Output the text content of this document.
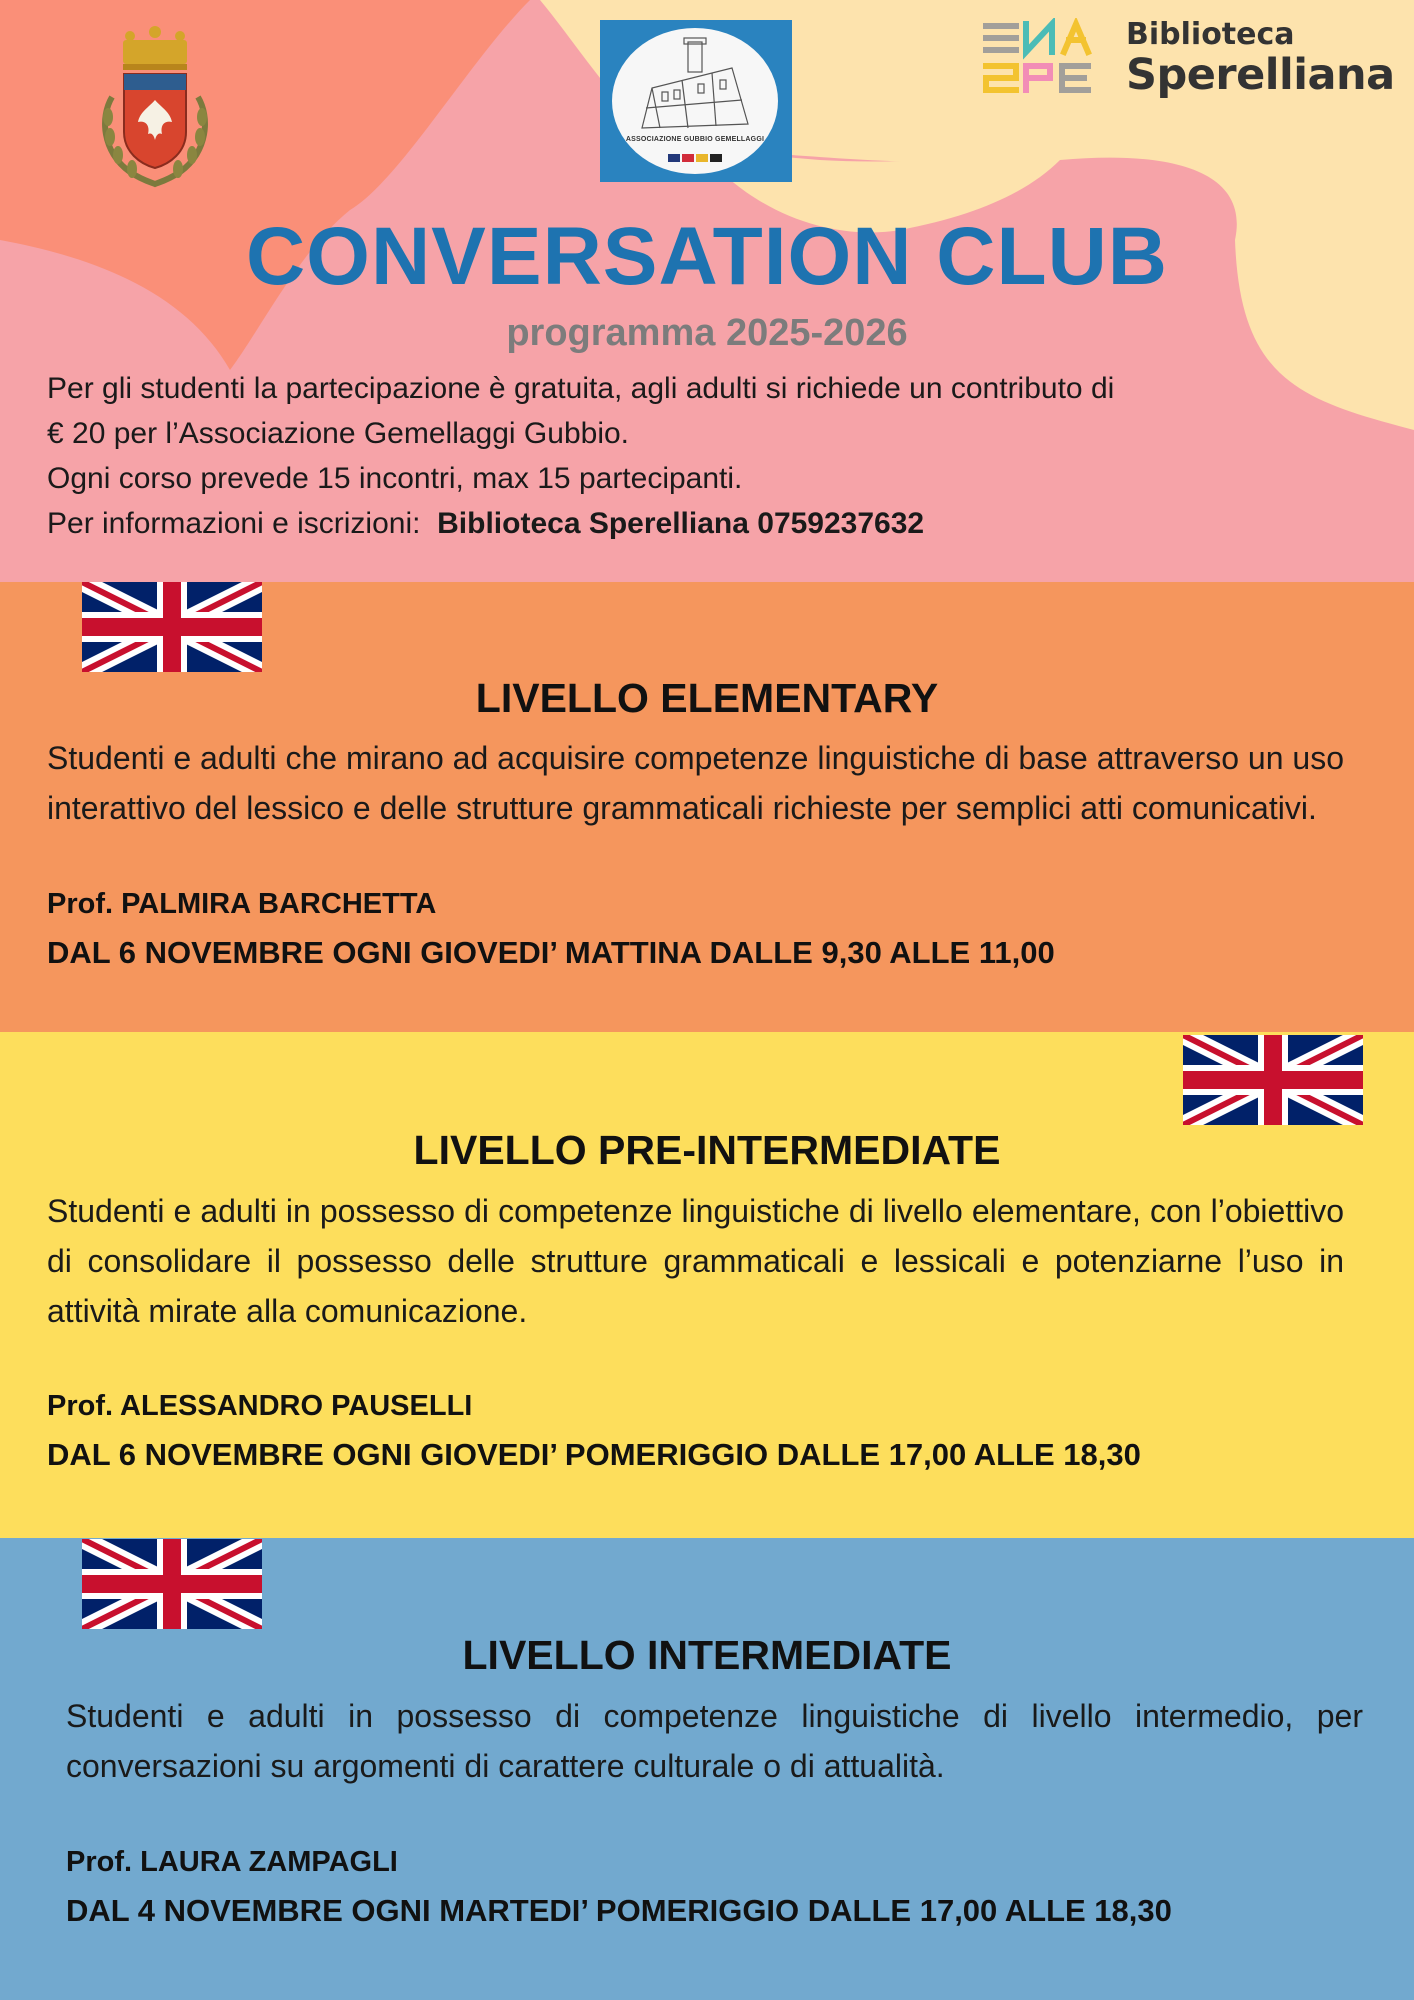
ASSOCIAZIONE GUBBIO GEMELLAGGI
Biblioteca
Sperelliana
CONVERSATION CLUB
programma 2025-2026

Per gli studenti la partecipazione è gratuita, agli adulti si richiede un contributo di

€ 20 per l’Associazione Gemellaggi Gubbio.

Ogni corso prevede 15 incontri, max 15 partecipanti.

Per informazioni e iscrizioni: Biblioteca Sperelliana 0759237632

LIVELLO ELEMENTARY

Studenti e adulti che mirano ad acquisire competenze linguistiche di base attraverso un uso interattivo del lessico e delle strutture grammaticali richieste per semplici atti comunicativi.

Prof. PALMIRA BARCHETTA

DAL 6 NOVEMBRE OGNI GIOVEDI’ MATTINA DALLE 9,30 ALLE 11,00

LIVELLO PRE-INTERMEDIATE

Studenti e adulti in possesso di competenze linguistiche di livello elementare, con l’obiettivo di consolidare il possesso delle strutture grammaticali e lessicali e potenziarne l’uso in attività mirate alla comunicazione.

Prof. ALESSANDRO PAUSELLI

DAL 6 NOVEMBRE OGNI GIOVEDI’ POMERIGGIO DALLE 17,00 ALLE 18,30

LIVELLO INTERMEDIATE

Studenti e adulti in possesso di competenze linguistiche di livello intermedio, per conversazioni su argomenti di carattere culturale o di attualità.

Prof. LAURA ZAMPAGLI

DAL 4 NOVEMBRE OGNI MARTEDI’ POMERIGGIO DALLE 17,00 ALLE 18,30
